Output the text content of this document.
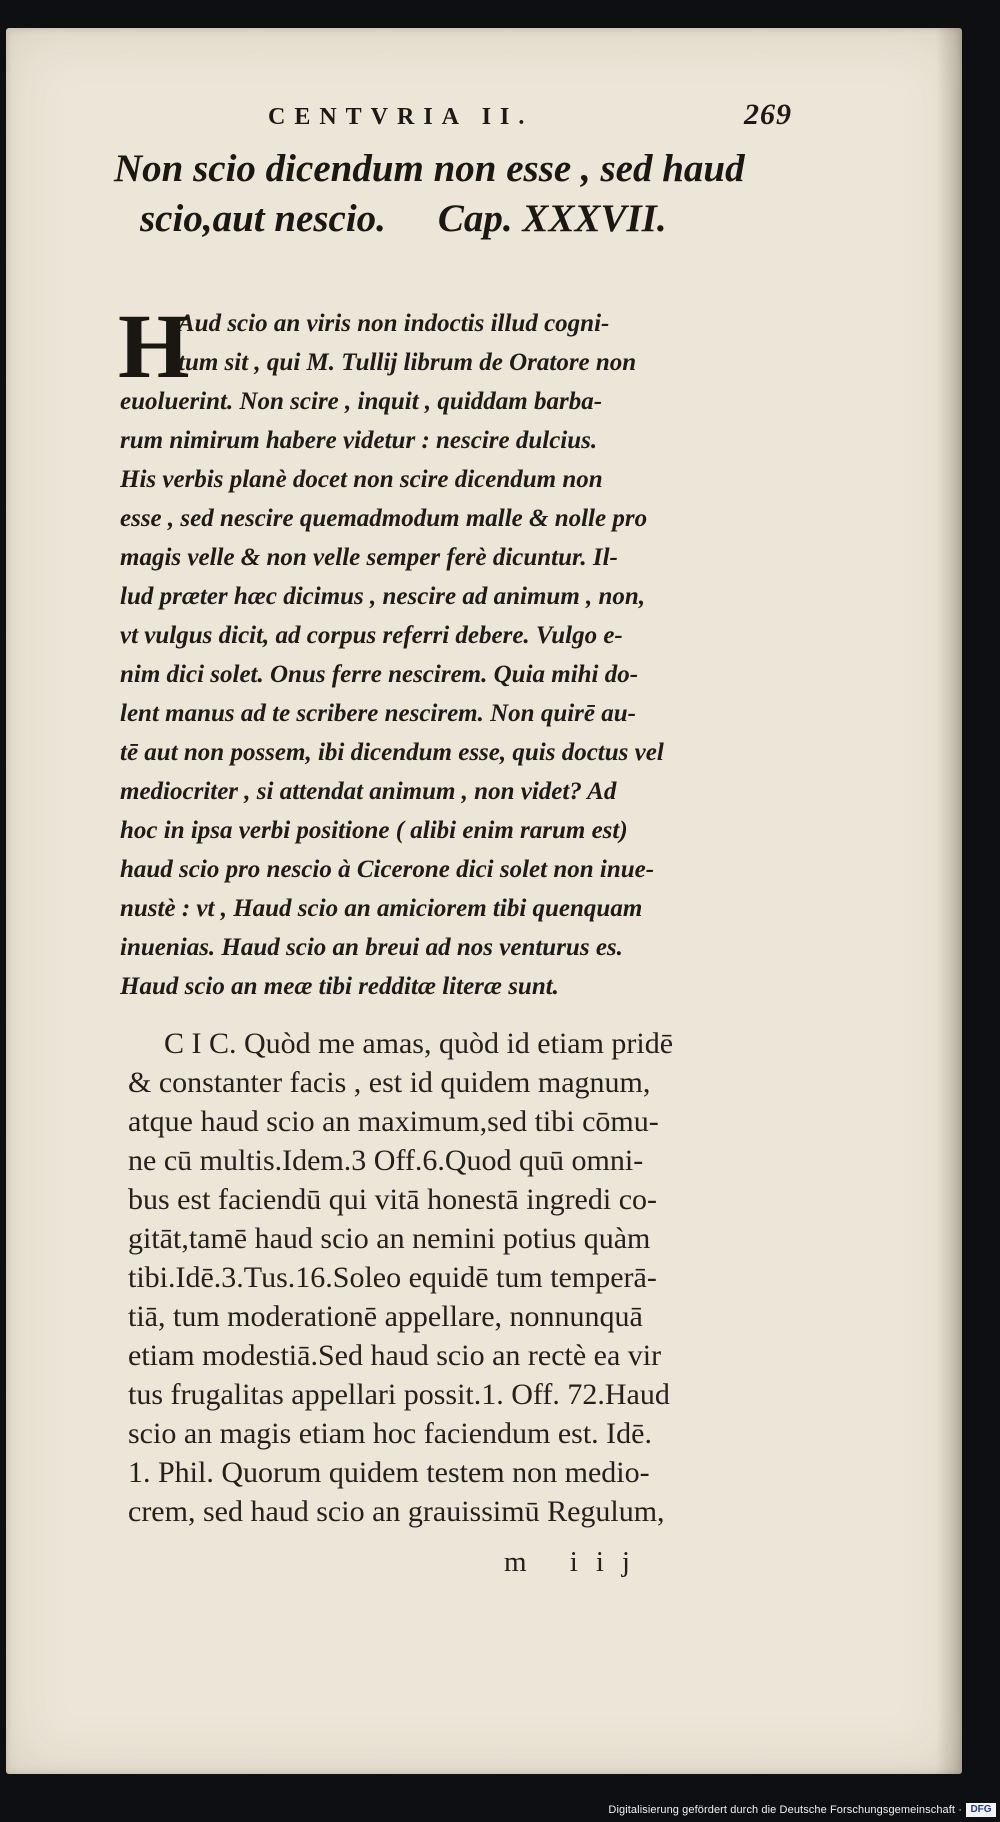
CENTVRIA II.	269
Non scio dicendum non esse , sed haud
scio,aut nescio. Cap. XXXVII.
H
Aud scio an viris non indoctis illud cogni-
tum sit , qui M. Tullij librum de Oratore non
euoluerint. Non scire , inquit , quiddam barba-
rum nimirum habere videtur : nescire dulcius.
His verbis planè docet non scire dicendum non
esse , sed nescire quemadmodum malle & nolle pro
magis velle & non velle semper ferè dicuntur. Il-
lud præter hæc dicimus , nescire ad animum , non,
vt vulgus dicit, ad corpus referri debere. Vulgo e-
nim dici solet. Onus ferre nescirem. Quia mihi do-
lent manus ad te scribere nescirem. Non quirē au-
tē aut non possem, ibi dicendum esse, quis doctus vel
mediocriter , si attendat animum , non videt? Ad
hoc in ipsa verbi positione ( alibi enim rarum est)
haud scio pro nescio à Cicerone dici solet non inue-
nustè : vt , Haud scio an amiciorem tibi quenquam
inuenias. Haud scio an breui ad nos venturus es.
Haud scio an meæ tibi redditæ literæ sunt.
C I C. Quòd me amas, quòd id etiam pridē
& constanter facis , est id quidem magnum,
atque haud scio an maximum,sed tibi cōmu-
ne cū multis.Idem.3 Off.6.Quod quū omni-
bus est faciendū qui vitā honestā ingredi co-
gitāt,tamē haud scio an nemini potius quàm
tibi.Idē.3.Tus.16.Soleo equidē tum temperā-
tiā, tum moderationē appellare, nonnunquā
etiam modestiā.Sed haud scio an rectè ea vir
tus frugalitas appellari possit.1. Off. 72.Haud
scio an magis etiam hoc faciendum est. Idē.
1. Phil. Quorum quidem testem non medio-
crem, sed haud scio an grauissimū Regulum,
m iij
Digitalisierung gefördert durch die Deutsche Forschungsgemeinschaft · DFG
